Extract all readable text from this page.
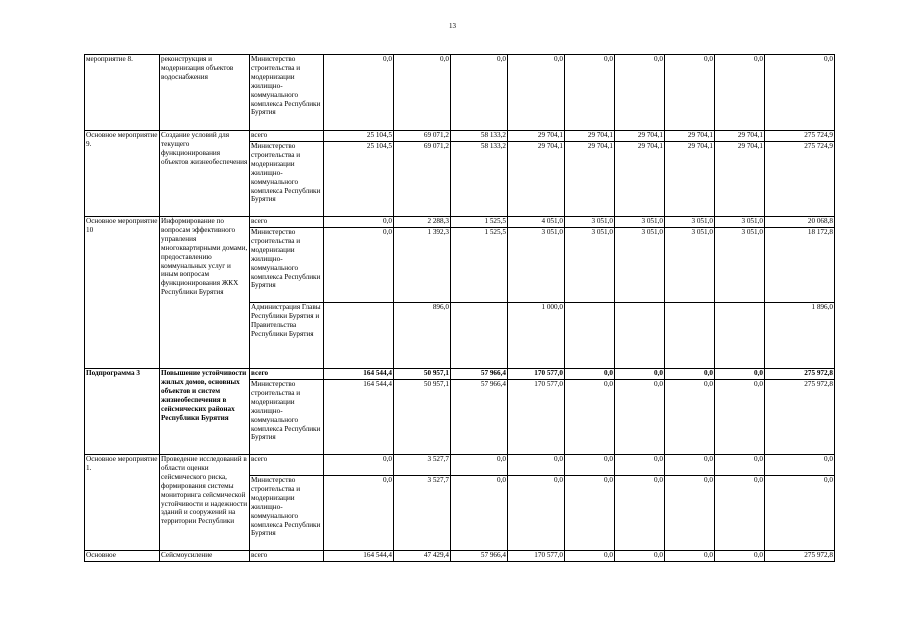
13
мероприятие 8.	реконструкция и модернизация объектов водоснабжения	Министерство строительства и модернизации жилищно-коммунального комплекса Республики Бурятия	0,0	0,0	0,0	0,0	0,0	0,0	0,0	0,0	0,0
Основное мероприятие 9.	Создание условий для текущего функционирования объектов жизнеобеспечения	всего	25 104,5	69 071,2	58 133,2	29 704,1	29 704,1	29 704,1	29 704,1	29 704,1	275 724,9
		Министерство строительства и модернизации жилищно-коммунального комплекса Республики Бурятия	25 104,5	69 071,2	58 133,2	29 704,1	29 704,1	29 704,1	29 704,1	29 704,1	275 724,9
Основное мероприятие 10	Информирование по вопросам эффективного управления многоквартирными домами, предоставлению коммунальных услуг и иным вопросам функционирования ЖКХ Республики Бурятия	всего	0,0	2 288,3	1 525,5	4 051,0	3 051,0	3 051,0	3 051,0	3 051,0	20 068,8
		Министерство строительства и модернизации жилищно-коммунального комплекса Республики Бурятия	0,0	1 392,3	1 525,5	3 051,0	3 051,0	3 051,0	3 051,0	3 051,0	18 172,8
		Администрация Главы Республики Бурятия и Правительства Республики Бурятия		896,0		1 000,0					1 896,0
Подпрограмма 3	Повышение устойчивости жилых домов, основных объектов и систем жизнеобеспечения в сейсмических районах Республики Бурятия	всего	164 544,4	50 957,1	57 966,4	170 577,0	0,0	0,0	0,0	0,0	275 972,8
		Министерство строительства и модернизации жилищно-коммунального комплекса Республики Бурятия	164 544,4	50 957,1	57 966,4	170 577,0	0,0	0,0	0,0	0,0	275 972,8
Основное мероприятие 1.	Проведение исследований в области оценки сейсмического риска, формирования системы мониторинга сейсмической устойчивости и надежности зданий и сооружений на территории Республики	всего	0,0	3 527,7	0,0	0,0	0,0	0,0	0,0	0,0	0,0
		Министерство строительства и модернизации жилищно-коммунального комплекса Республики Бурятия	0,0	3 527,7	0,0	0,0	0,0	0,0	0,0	0,0	0,0
Основное	Сейсмоусиление	всего	164 544,4	47 429,4	57 966,4	170 577,0	0,0	0,0	0,0	0,0	275 972,8
